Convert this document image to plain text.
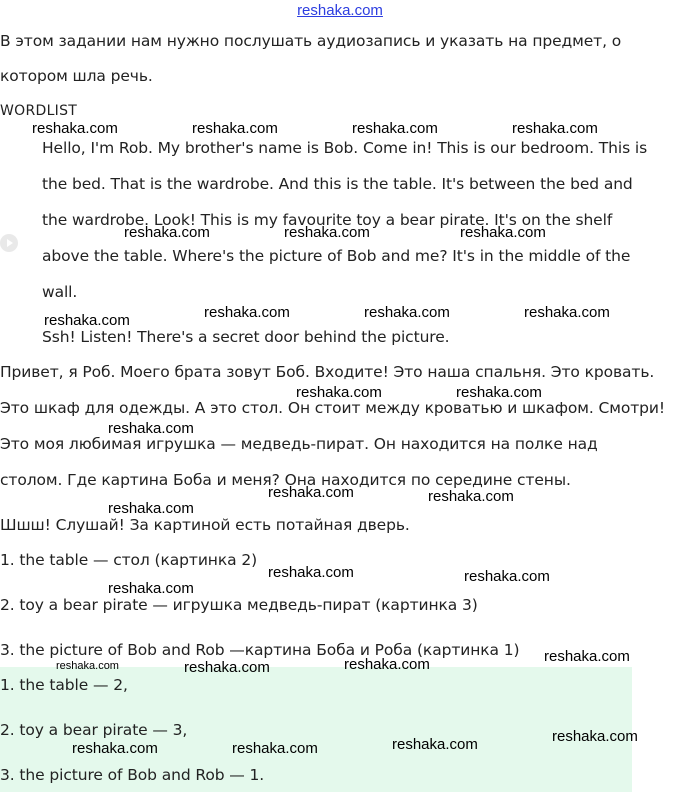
reshaka.com

В этом задании нам нужно послушать аудиозапись и указать на предмет, о

котором шла речь.

WORDLIST

Hello, I'm Rob. My brother's name is Bob. Come in! This is our bedroom. This is

the bed. That is the wardrobe. And this is the table. It's between the bed and

the wardrobe. Look! This is my favourite toy a bear pirate. It's on the shelf

above the table. Where's the picture of Bob and me? It's in the middle of the

wall.

Ssh! Listen! There's a secret door behind the picture.

Привет, я Роб. Моего брата зовут Боб. Входите! Это наша спальня. Это кровать.

Это шкаф для одежды. А это стол. Он стоит между кроватью и шкафом. Смотри!

Это моя любимая игрушка — медведь-пират. Он находится на полке над

столом. Где картина Боба и меня? Она находится по середине стены.

Шшш! Слушай! За картиной есть потайная дверь.

1. the table — стол (картинка 2)

2. toy a bear pirate — игрушка медведь-пират (картинка 3)

3. the picture of Bob and Rob —картина Боба и Роба (картинка 1)

1. the table — 2,

2. toy a bear pirate — 3,

3. the picture of Bob and Rob — 1.

reshaka.com	reshaka.com	reshaka.com	reshaka.com
reshaka.com	reshaka.com	reshaka.com
reshaka.com	reshaka.com	reshaka.com
reshaka.com
reshaka.com	reshaka.com
reshaka.com
reshaka.com	reshaka.com
reshaka.com
reshaka.com	reshaka.com
reshaka.com
reshaka.com
reshaka.com	reshaka.com
reshaka.com
reshaka.com
reshaka.com
reshaka.com	reshaka.com
